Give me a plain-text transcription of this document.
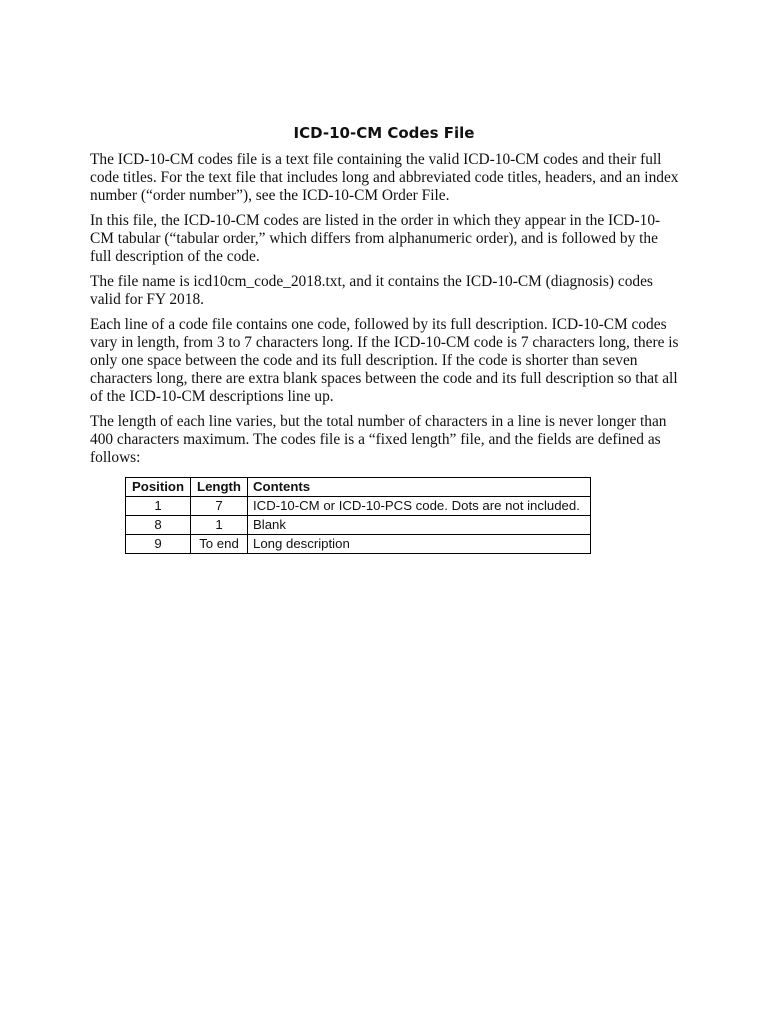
ICD-10-CM Codes File

The ICD-10-CM codes file is a text file containing the valid ICD-10-CM codes and their full code titles. For the text file that includes long and abbreviated code titles, headers, and an index number (“order number”), see the ICD-10-CM Order File.

In this file, the ICD-10-CM codes are listed in the order in which they appear in the ICD-10-CM tabular (“tabular order,” which differs from alphanumeric order), and is followed by the full description of the code.

The file name is icd10cm_code_2018.txt, and it contains the ICD-10-CM (diagnosis) codes valid for FY 2018.

Each line of a code file contains one code, followed by its full description. ICD-10-CM codes vary in length, from 3 to 7 characters long. If the ICD-10-CM code is 7 characters long, there is only one space between the code and its full description. If the code is shorter than seven characters long, there are extra blank spaces between the code and its full description so that all of the ICD-10-CM descriptions line up.

The length of each line varies, but the total number of characters in a line is never longer than 400 characters maximum. The codes file is a “fixed length” file, and the fields are defined as follows:

Position	Length	Contents
1	7	ICD-10-CM or ICD-10-PCS code. Dots are not included.
8	1	Blank
9	To end	Long description
